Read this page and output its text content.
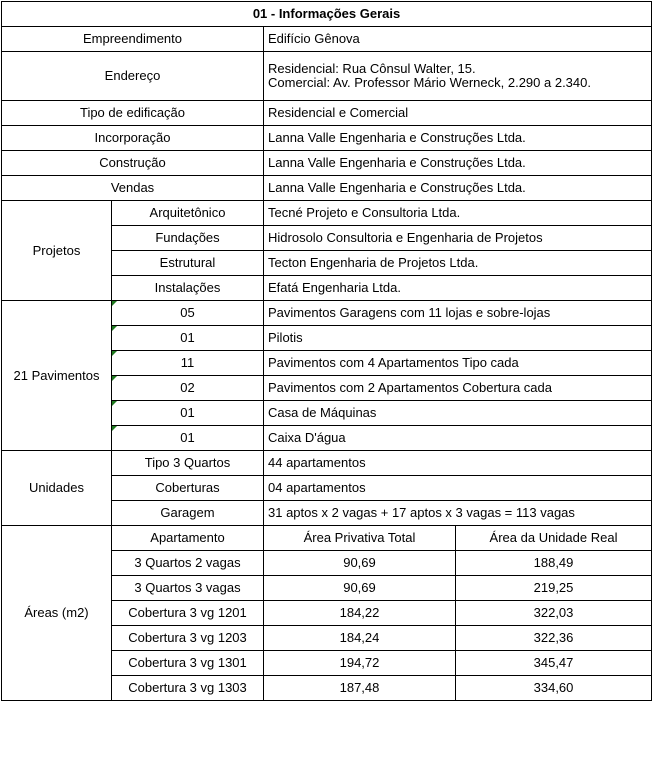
01 - Informações Gerais			
Empreendimento		Edifício Gênova	
Endereço		Residencial: Rua Cônsul Walter, 15.
Comercial: Av. Professor Mário Werneck, 2.290 a 2.340.	

Tipo de edificação		Residencial e Comercial	
Incorporação		Lanna Valle Engenharia e Construções Ltda.	
Construção		Lanna Valle Engenharia e Construções Ltda.	
Vendas		Lanna Valle Engenharia e Construções Ltda.	
Projetos	Arquitetônico	Tecné Projeto e Consultoria Ltda.	
	Fundações	Hidrosolo Consultoria e Engenharia de Projetos	
	Estrutural	Tecton Engenharia de Projetos Ltda.	
	Instalações	Efatá Engenharia Ltda.	
21 Pavimentos	05	Pavimentos Garagens com 11 lojas e sobre-lojas	
	01	Pilotis	
	11	Pavimentos com 4 Apartamentos Tipo cada	
	02	Pavimentos com 2 Apartamentos Cobertura cada	
	01	Casa de Máquinas	
	01	Caixa D'água	
Unidades	Tipo 3 Quartos	44 apartamentos	
	Coberturas	04 apartamentos	
	Garagem	31 aptos x 2 vagas + 17 aptos x 3 vagas = 113 vagas	
Áreas (m2)	Apartamento	Área Privativa Total	Área da Unidade Real
	3 Quartos 2 vagas	90,69	188,49
	3 Quartos 3 vagas	90,69	219,25
	Cobertura 3 vg 1201	184,22	322,03
	Cobertura 3 vg 1203	184,24	322,36
	Cobertura 3 vg 1301	194,72	345,47
	Cobertura 3 vg 1303	187,48	334,60
